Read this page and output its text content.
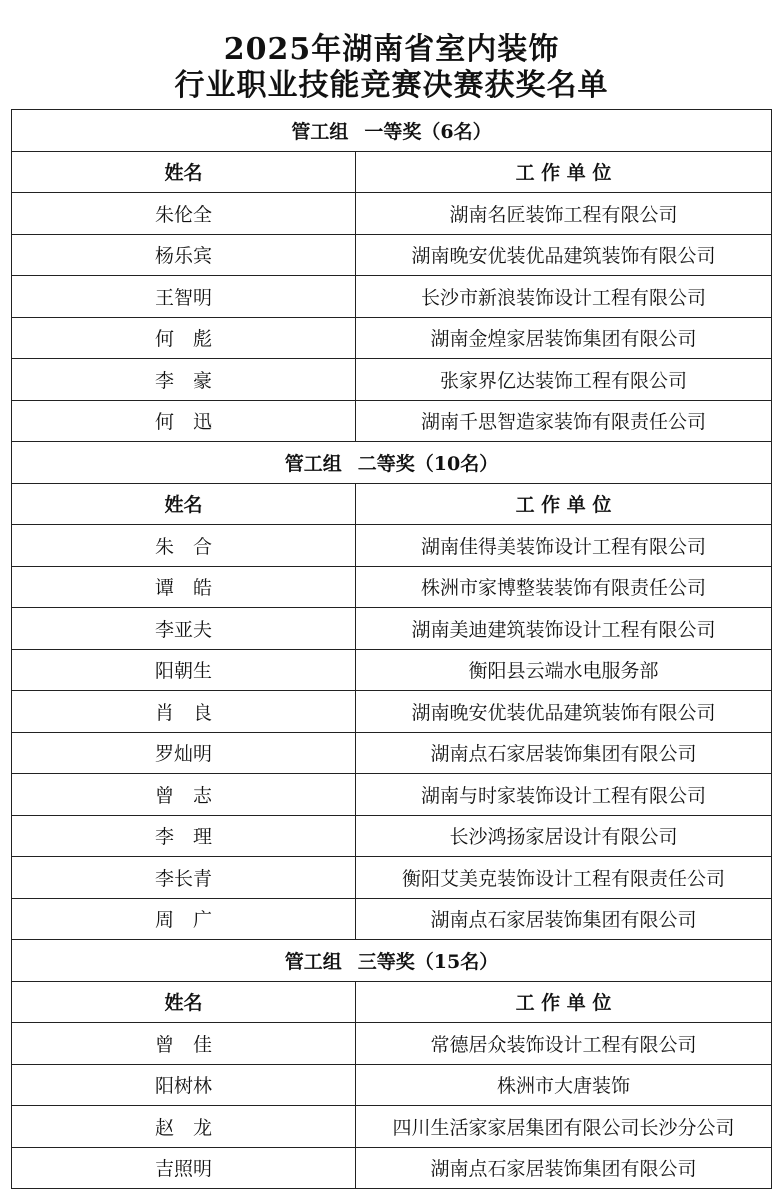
2025年湖南省室内装饰
行业职业技能竞赛决赛获奖名单
管工组 一等奖（6名）	
姓名	工 作 单 位
朱伦全	湖南名匠装饰工程有限公司
杨乐宾	湖南晚安优装优品建筑装饰有限公司
王智明	长沙市新浪装饰设计工程有限公司
何　彪	湖南金煌家居装饰集团有限公司
李　豪	张家界亿达装饰工程有限公司
何　迅	湖南千思智造家装饰有限责任公司
管工组 二等奖（10名）	
姓名	工 作 单 位
朱　合	湖南佳得美装饰设计工程有限公司
谭　皓	株洲市家博整装装饰有限责任公司
李亚夫	湖南美迪建筑装饰设计工程有限公司
阳朝生	衡阳县云端水电服务部
肖　良	湖南晚安优装优品建筑装饰有限公司
罗灿明	湖南点石家居装饰集团有限公司
曾　志	湖南与时家装饰设计工程有限公司
李　理	长沙鸿扬家居设计有限公司
李长青	衡阳艾美克装饰设计工程有限责任公司
周　广	湖南点石家居装饰集团有限公司
管工组 三等奖（15名）	
姓名	工 作 单 位
曾　佳	常德居众装饰设计工程有限公司
阳树林	株洲市大唐装饰
赵　龙	四川生活家家居集团有限公司长沙分公司
吉照明	湖南点石家居装饰集团有限公司
